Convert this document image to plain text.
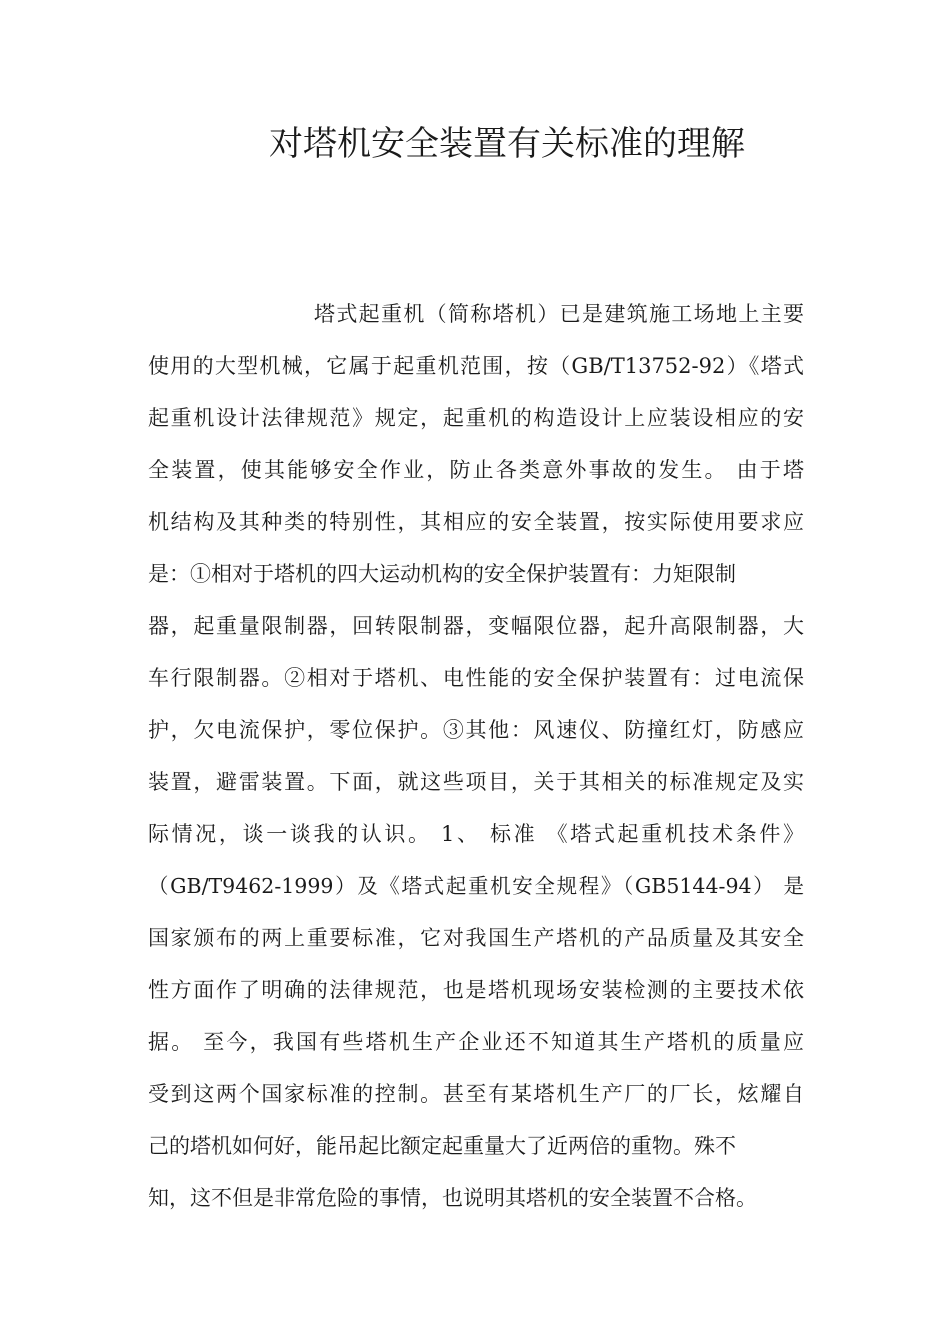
对塔机安全装置有关标准的理解
塔式起重机（简称塔机）已是建筑施工场地上主要
使用的大型机械，它属于起重机范围，按（GB/T13752-92）《塔式
起重机设计法律规范》规定，起重机的构造设计上应装设相应的安
全装置，使其能够安全作业，防止各类意外事故的发生。 由于塔
机结构及其种类的特别性，其相应的安全装置，按实际使用要求应
是：①相对于塔机的四大运动机构的安全保护装置有：力矩限制
器，起重量限制器，回转限制器，变幅限位器，起升高限制器，大
车行限制器。②相对于塔机、电性能的安全保护装置有：过电流保
护，欠电流保护，零位保护。③其他：风速仪、防撞红灯，防感应
装置，避雷装置。下面，就这些项目，关于其相关的标准规定及实
际情况，谈一谈我的认识。 1、 标准 《塔式起重机技术条件》
（GB/T9462-1999）及《塔式起重机安全规程》（GB5144-94） 是
国家颁布的两上重要标准，它对我国生产塔机的产品质量及其安全
性方面作了明确的法律规范，也是塔机现场安装检测的主要技术依
据。 至今，我国有些塔机生产企业还不知道其生产塔机的质量应
受到这两个国家标准的控制。甚至有某塔机生产厂的厂长，炫耀自
己的塔机如何好，能吊起比额定起重量大了近两倍的重物。殊不
知，这不但是非常危险的事情，也说明其塔机的安全装置不合格。
